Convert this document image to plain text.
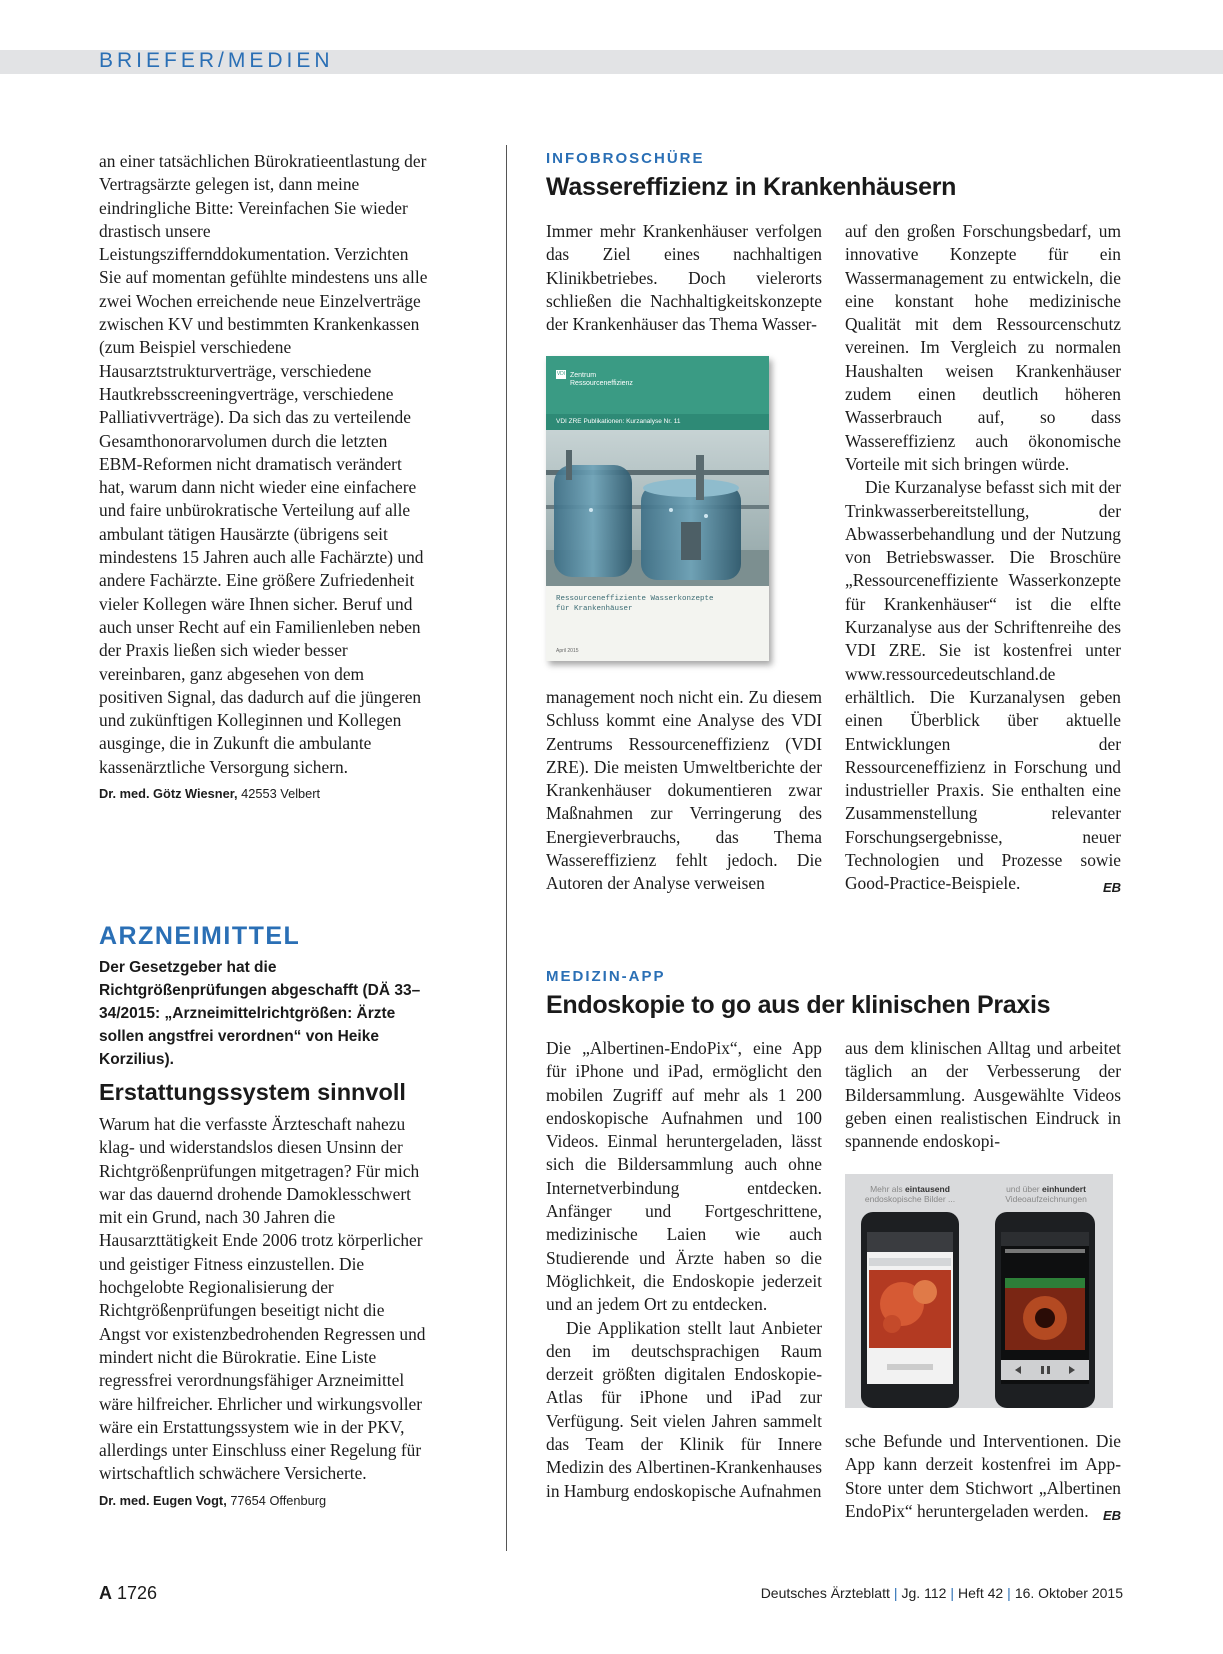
BRIEFER/MEDIEN

an einer tatsächlichen Bürokratieentlastung der Vertragsärzte gelegen ist, dann meine eindringliche Bitte: Vereinfachen Sie wieder drastisch unsere Leistungsziffernddokumentation. Verzichten Sie auf momentan gefühlte mindestens uns alle zwei Wochen erreichende neue Einzelverträge zwischen KV und bestimmten Krankenkassen (zum Beispiel verschiedene Hausarztstrukturverträge, verschiedene Hautkrebsscreeningverträge, verschiedene Palliativverträge). Da sich das zu verteilende Gesamthonorarvolumen durch die letzten EBM-Reformen nicht dramatisch verändert hat, warum dann nicht wieder eine einfachere und faire unbürokratische Verteilung auf alle ambulant tätigen Hausärzte (übrigens seit mindestens 15 Jahren auch alle Fachärzte) und andere Fachärzte. Eine größere Zufriedenheit vieler Kollegen wäre Ihnen sicher. Beruf und auch unser Recht auf ein Familienleben neben der Praxis ließen sich wieder besser vereinbaren, ganz abgesehen von dem positiven Signal, das dadurch auf die jüngeren und zukünftigen Kolleginnen und Kollegen ausginge, die in Zukunft die ambulante kassenärztliche Versorgung sichern.

Dr. med. Götz Wiesner, 42553 Velbert
ARZNEIMITTEL
Der Gesetzgeber hat die Richtgrößenprüfungen abgeschafft (DÄ 33–34/2015: „Arzneimittelrichtgrößen: Ärzte sollen angstfrei verordnen“ von Heike Korzilius).
Erstattungssystem sinnvoll

Warum hat die verfasste Ärzteschaft nahezu klag- und widerstandslos diesen Unsinn der Richtgrößenprüfungen mitgetragen? Für mich war das dauernd drohende Damoklesschwert mit ein Grund, nach 30 Jahren die Hausarzttätigkeit Ende 2006 trotz körperlicher und geistiger Fitness einzustellen. Die hochgelobte Regionalisierung der Richtgrößenprüfungen beseitigt nicht die Angst vor existenzbedrohenden Regressen und mindert nicht die Bürokratie. Eine Liste regressfrei verordnungsfähiger Arzneimittel wäre hilfreicher. Ehrlicher und wirkungsvoller wäre ein Erstattungssystem wie in der PKV, allerdings unter Einschluss einer Regelung für wirtschaftlich schwächere Versicherte.

Dr. med. Eugen Vogt, 77654 Offenburg
INFOBROSCHÜRE
Wassereffizienz in Krankenhäusern

Immer mehr Krankenhäuser verfolgen das Ziel eines nachhaltigen Klinikbetriebes. Doch vielerorts schließen die Nachhaltigkeitskonzepte der Krankenhäuser das Thema Wasser-

VDI Zentrum
Ressourceneffizienz
VDI ZRE Publikationen: Kurzanalyse Nr. 11
Ressourceneffiziente Wasserkonzepte
für Krankenhäuser
April 2015

management noch nicht ein. Zu diesem Schluss kommt eine Analyse des VDI Zentrums Ressourceneffizienz (VDI ZRE). Die meisten Umweltberichte der Krankenhäuser dokumentieren zwar Maßnahmen zur Verringerung des Energieverbrauchs, das Thema Wassereffizienz fehlt jedoch. Die Autoren der Analyse verweisen

auf den großen Forschungsbedarf, um innovative Konzepte für ein Wassermanagement zu entwickeln, die eine konstant hohe medizinische Qualität mit dem Ressourcenschutz vereinen. Im Vergleich zu normalen Haushalten weisen Krankenhäuser zudem einen deutlich höheren Wasserbrauch auf, so dass Wassereffizienz auch ökonomische Vorteile mit sich bringen würde.

Die Kurzanalyse befasst sich mit der Trinkwasserbereitstellung, der Abwasserbehandlung und der Nutzung von Betriebswasser. Die Broschüre „Ressourceneffiziente Wasserkonzepte für Krankenhäuser“ ist die elfte Kurzanalyse aus der Schriftenreihe des VDI ZRE. Sie ist kostenfrei unter www.ressourcedeutschland.de erhältlich. Die Kurzanalysen geben einen Überblick über aktuelle Entwicklungen der Ressourceneffizienz in Forschung und industrieller Praxis. Sie enthalten eine Zusammenstellung relevanter Forschungsergebnisse, neuer Technologien und Prozesse sowie Good-Practice-Beispiele.	EB

MEDIZIN-APP
Endoskopie to go aus der klinischen Praxis

Die „Albertinen-EndoPix“, eine App für iPhone und iPad, ermöglicht den mobilen Zugriff auf mehr als 1 200 endoskopische Aufnahmen und 100 Videos. Einmal heruntergeladen, lässt sich die Bildersammlung auch ohne Internetverbindung entdecken. Anfänger und Fortgeschrittene, medizinische Laien wie auch Studierende und Ärzte haben so die Möglichkeit, die Endoskopie jederzeit und an jedem Ort zu entdecken.

Die Applikation stellt laut Anbieter den im deutschsprachigen Raum derzeit größten digitalen Endoskopie-Atlas für iPhone und iPad zur Verfügung. Seit vielen Jahren sammelt das Team der Klinik für Innere Medizin des Albertinen-Krankenhauses in Hamburg endoskopische Aufnahmen

aus dem klinischen Alltag und arbeitet täglich an der Verbesserung der Bildersammlung. Ausgewählte Videos geben einen realistischen Eindruck in spannende endoskopi-

Mehr als eintausend
endoskopische Bilder ...
und über einhundert
Videoaufzeichnungen

sche Befunde und Interventionen. Die App kann derzeit kostenfrei im App-Store unter dem Stichwort „Albertinen EndoPix“ heruntergeladen werden. EB

A 1726	Deutsches Ärzteblatt | Jg. 112 | Heft 42 | 16. Oktober 2015
